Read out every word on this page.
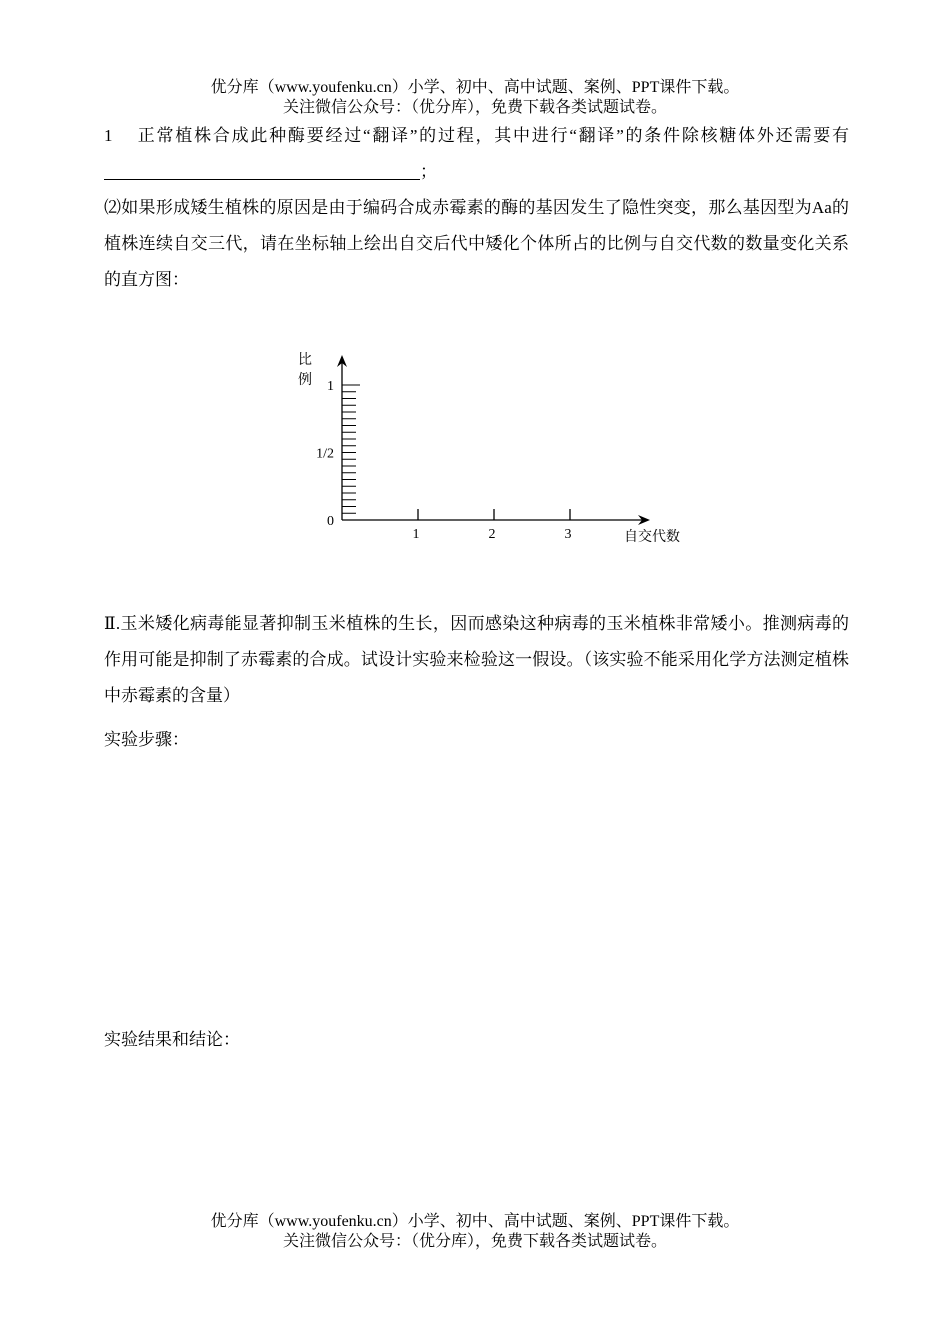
优分库（www.youfenku.cn）小学、初中、高中试题、案例、PPT课件下载。
关注微信公众号：（优分库），免费下载各类试题试卷。
1 正常植株合成此种酶要经过“翻译”的过程，其中进行“翻译”的条件除核糖体外还需要有；
⑵如果形成矮生植株的原因是由于编码合成赤霉素的酶的基因发生了隐性突变，那么基因型为Aa的植株连续自交三代，请在坐标轴上绘出自交后代中矮化个体所占的比例与自交代数的数量变化关系的直方图：
1	2	3
0
1/2
1
比
例
自交代数
Ⅱ.玉米矮化病毒能显著抑制玉米植株的生长，因而感染这种病毒的玉米植株非常矮小。推测病毒的作用可能是抑制了赤霉素的合成。试设计实验来检验这一假设。（该实验不能采用化学方法测定植株中赤霉素的含量）
实验步骤：
实验结果和结论：
优分库（www.youfenku.cn）小学、初中、高中试题、案例、PPT课件下载。
关注微信公众号：（优分库），免费下载各类试题试卷。
